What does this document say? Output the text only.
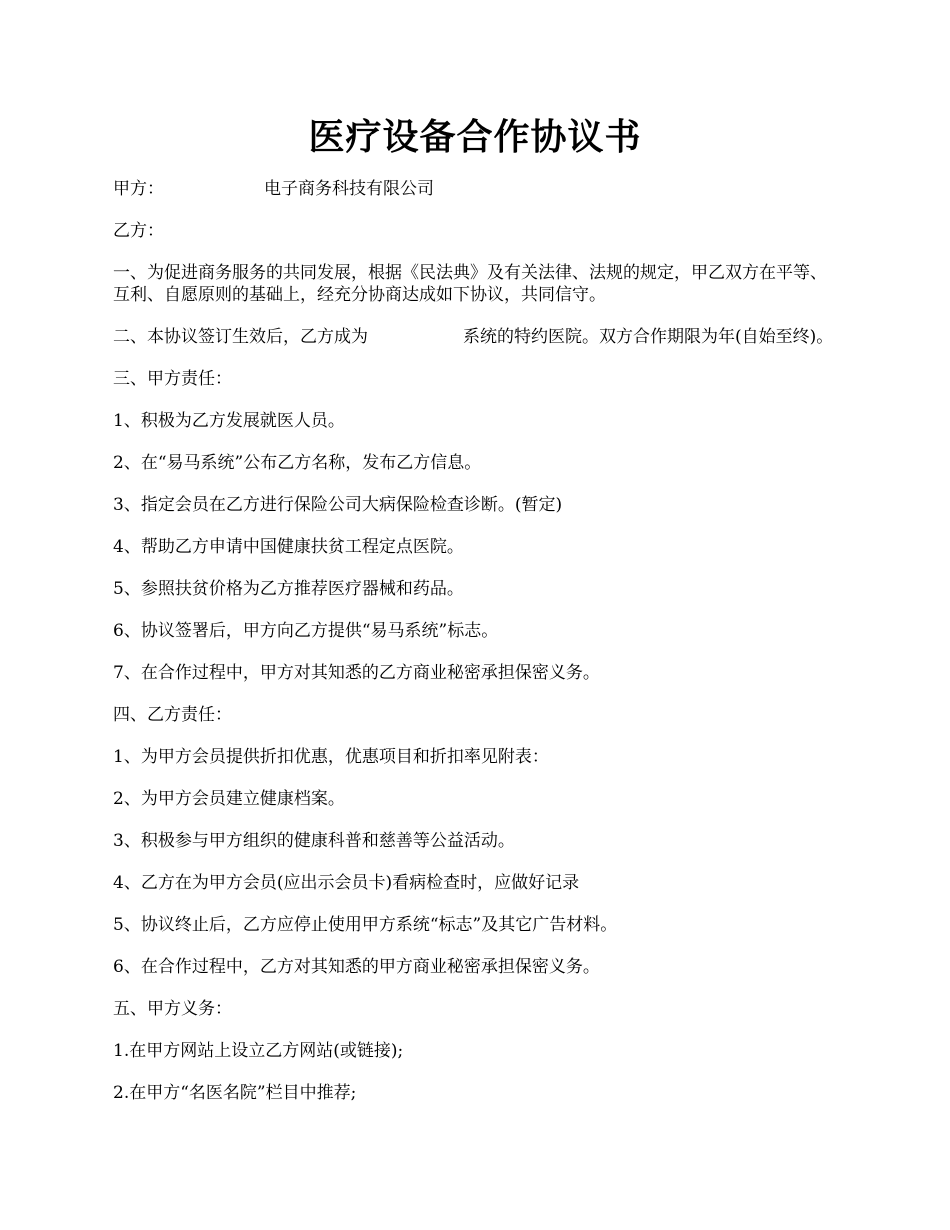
医疗设备合作协议书

甲方：	电子商务科技有限公司

乙方：

一、为促进商务服务的共同发展，根据《民法典》及有关法律、法规的规定，甲乙双方在平等、互利、自愿原则的基础上，经充分协商达成如下协议，共同信守。

二、本协议签订生效后，乙方成为	系统的特约医院。双方合作期限为年(自始至终)。

三、甲方责任：

1、积极为乙方发展就医人员。

2、在“易马系统”公布乙方名称，发布乙方信息。

3、指定会员在乙方进行保险公司大病保险检查诊断。(暂定)

4、帮助乙方申请中国健康扶贫工程定点医院。

5、参照扶贫价格为乙方推荐医疗器械和药品。

6、协议签署后，甲方向乙方提供“易马系统”标志。

7、在合作过程中，甲方对其知悉的乙方商业秘密承担保密义务。

四、乙方责任：

1、为甲方会员提供折扣优惠，优惠项目和折扣率见附表：

2、为甲方会员建立健康档案。

3、积极参与甲方组织的健康科普和慈善等公益活动。

4、乙方在为甲方会员(应出示会员卡)看病检查时，应做好记录

5、协议终止后，乙方应停止使用甲方系统“标志”及其它广告材料。

6、在合作过程中，乙方对其知悉的甲方商业秘密承担保密义务。

五、甲方义务：

1.在甲方网站上设立乙方网站(或链接);

2.在甲方“名医名院”栏目中推荐;
